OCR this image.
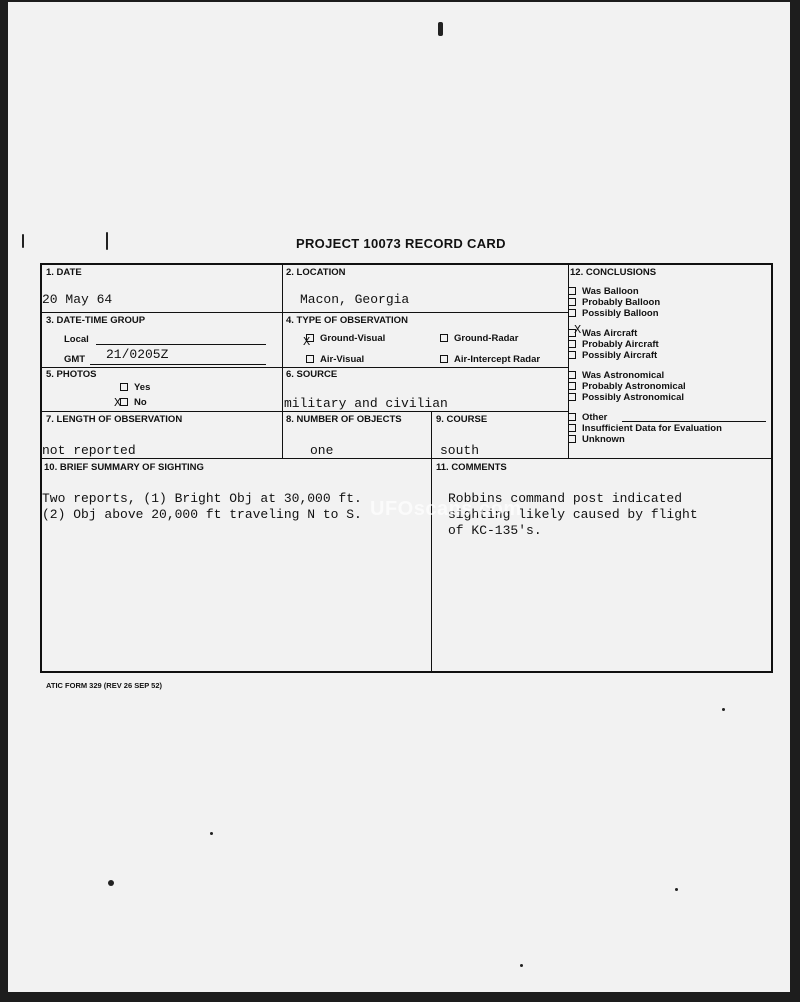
PROJECT 10073 RECORD CARD
1. DATE
20 May 64
2. LOCATION
Macon, Georgia
3. DATE-TIME GROUP
Local
GMT 21/0205Z
4. TYPE OF OBSERVATION
Ground-Visual
X	Ground-Radar
Air-Visual	Air-Intercept Radar
5. PHOTOS
Yes
No
X
6. SOURCE
military and civilian
7. LENGTH OF OBSERVATION
not reported
8. NUMBER OF OBJECTS
one
9. COURSE
south
10. BRIEF SUMMARY OF SIGHTING
Two reports, (1) Bright Obj at 30,000 ft.
(2) Obj above 20,000 ft traveling N to S.
11. COMMENTS
Robbins command post indicated
sighting likely caused by flight
of KC-135's.
12. CONCLUSIONS
Was Balloon
Probably Balloon
Possibly Balloon
Was Aircraft
X
Probably Aircraft
Possibly Aircraft
Was Astronomical
Probably Astronomical
Possibly Astronomical
Other
Insufficient Data for Evaluation
Unknown
UFOscans.com
ATIC FORM 329 (REV 26 SEP 52)
